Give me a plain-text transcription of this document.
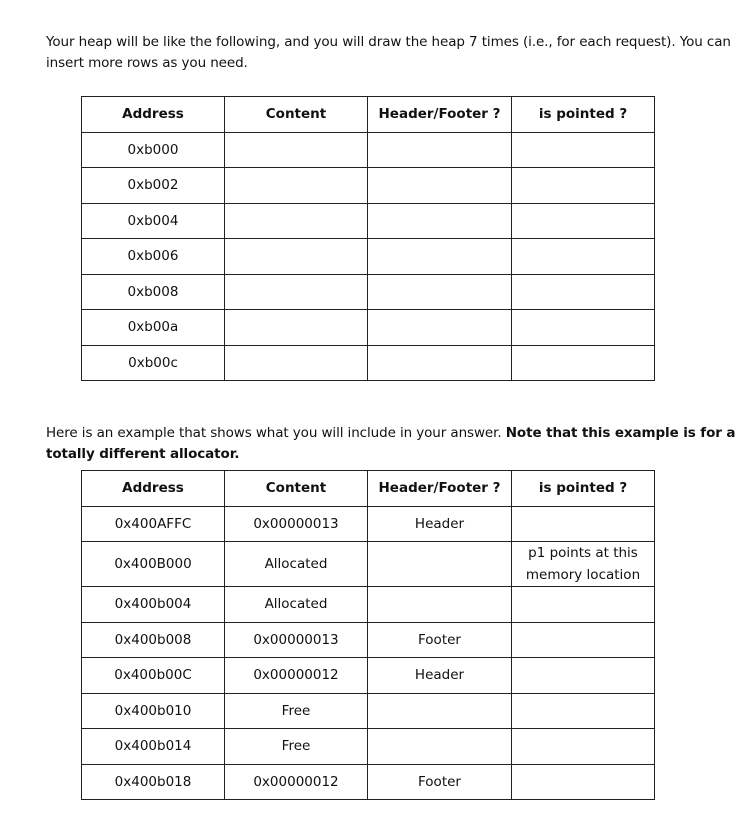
Your heap will be like the following, and you will draw the heap 7 times (i.e., for each request). You can insert more rows as you need.
Address	Content	Header/Footer ?	is pointed ?
0xb000			
0xb002			
0xb004			
0xb006			
0xb008			
0xb00a			
0xb00c			
Here is an example that shows what you will include in your answer. Note that this example is for a totally different allocator.
Address	Content	Header/Footer ?	is pointed ?
0x400AFFC	0x00000013	Header	
0x400B000	Allocated		p1 points at this memory location
0x400b004	Allocated		
0x400b008	0x00000013	Footer	
0x400b00C	0x00000012	Header	
0x400b010	Free		
0x400b014	Free		
0x400b018	0x00000012	Footer	
